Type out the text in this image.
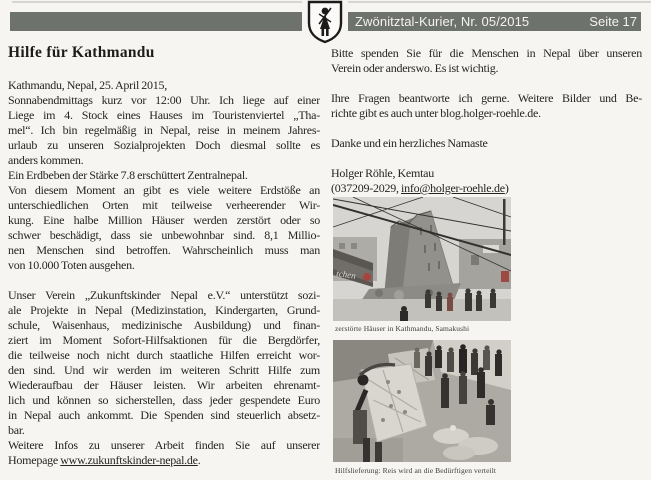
Zwönitztal-Kurier, Nr. 05/2015	Seite 17
Hilfe für Kathmandu
Kathmandu, Nepal, 25. April 2015,
Sonnabendmittags kurz vor 12:00 Uhr. Ich liege auf einer
Liege im 4. Stock eines Hauses im Touristenviertel „Tha-
mel“. Ich bin regelmäßig in Nepal, reise in meinem Jahres-
urlaub zu unseren Sozialprojekten Doch diesmal sollte es
anders kommen.
Ein Erdbeben der Stärke 7.8 erschüttert Zentralnepal.
Von diesem Moment an gibt es viele weitere Erdstöße an
unterschiedlichen Orten mit teilweise verheerender Wir-
kung. Eine halbe Million Häuser werden zerstört oder so
schwer beschädigt, dass sie unbewohnbar sind. 8,1 Millio-
nen Menschen sind betroffen. Wahrscheinlich muss man
von 10.000 Toten ausgehen.
Unser Verein „Zukunftskinder Nepal e.V.“ unterstützt sozi-
ale Projekte in Nepal (Medizinstation, Kindergarten, Grund-
schule, Waisenhaus, medizinische Ausbildung) und finan-
ziert im Moment Sofort-Hilfsaktionen für die Bergdörfer,
die teilweise noch nicht durch staatliche Hilfen erreicht wor-
den sind. Und wir werden im weiteren Schritt Hilfe zum
Wiederaufbau der Häuser leisten. Wir arbeiten ehrenamt-
lich und können so sicherstellen, dass jeder gespendete Euro
in Nepal auch ankommt. Die Spenden sind steuerlich absetz-
bar.
Weitere Infos zu unserer Arbeit finden Sie auf unserer
Homepage www.zukunftskinder-nepal.de.
Bitte spenden Sie für die Menschen in Nepal über unseren
Verein oder anderswo. Es ist wichtig.
Ihre Fragen beantworte ich gerne. Weitere Bilder und Be-
richte gibt es auch unter blog.holger-roehle.de.
Danke und ein herzliches Namaste
Holger Röhle, Kemtau
(037209-2029, info@holger-roehle.de)
tchen
zerstörte Häuser in Kathmandu, Samakushi
Hilfslieferung: Reis wird an die Bedürftigen verteilt
